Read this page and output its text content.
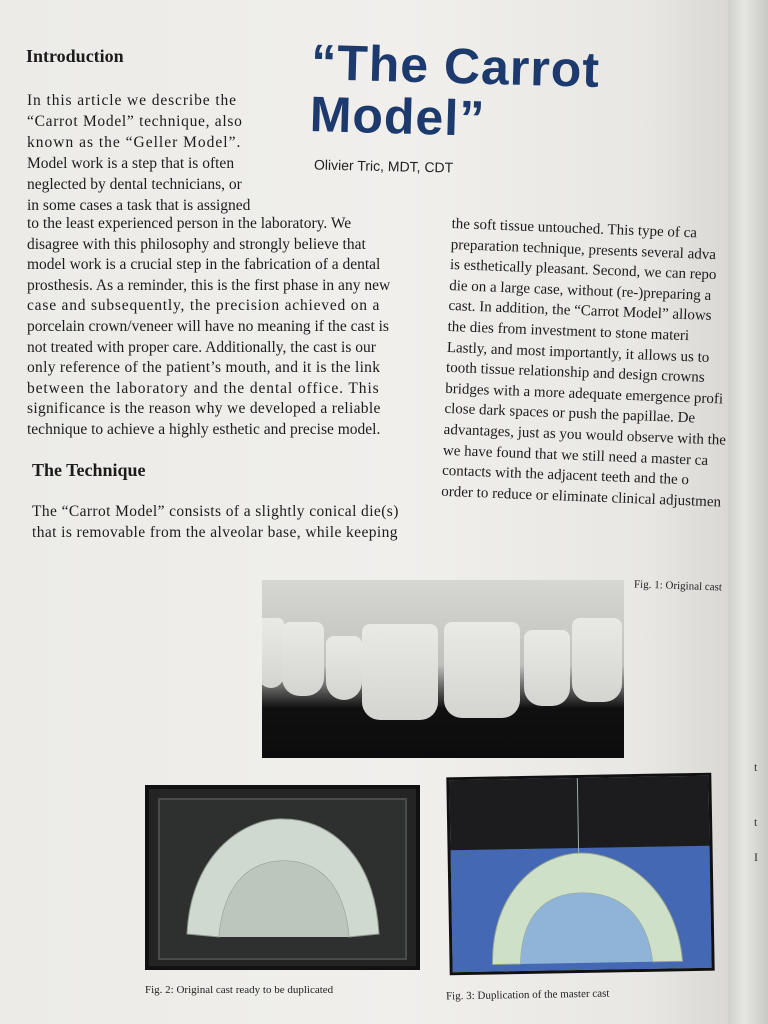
t
t
I
Introduction	“The Carrot
Model”
Olivier Tric, MDT, CDT

In this article we describe the

“Carrot Model” technique, also

known as the “Geller Model”.

Model work is a step that is often

neglected by dental technicians, or

in some cases a task that is assigned

to the least experienced person in the laboratory. We

disagree with this philosophy and strongly believe that

model work is a crucial step in the fabrication of a dental

prosthesis. As a reminder, this is the first phase in any new

case and subsequently, the precision achieved on a

porcelain crown/veneer will have no meaning if the cast is

not treated with proper care. Additionally, the cast is our

only reference of the patient’s mouth, and it is the link

between the laboratory and the dental office. This

significance is the reason why we developed a reliable

technique to achieve a highly esthetic and precise model.

The Technique

The “Carrot Model” consists of a slightly conical die(s)

that is removable from the alveolar base, while keeping

the soft tissue untouched. This type of ca
preparation technique, presents several adva
is esthetically pleasant. Second, we can repo
die on a large case, without (re-)preparing a
cast. In addition, the “Carrot Model” allows
the dies from investment to stone materi
Lastly, and most importantly, it allows us to
tooth tissue relationship and design crowns
bridges with a more adequate emergence profi
close dark spaces or push the papillae. De
advantages, just as you would observe with the
we have found that we still need a master ca
contacts with the adjacent teeth and the o
order to reduce or eliminate clinical adjustmen
Fig. 1: Original cast
Fig. 2: Original cast ready to be duplicated	Fig. 3: Duplication of the master cast
